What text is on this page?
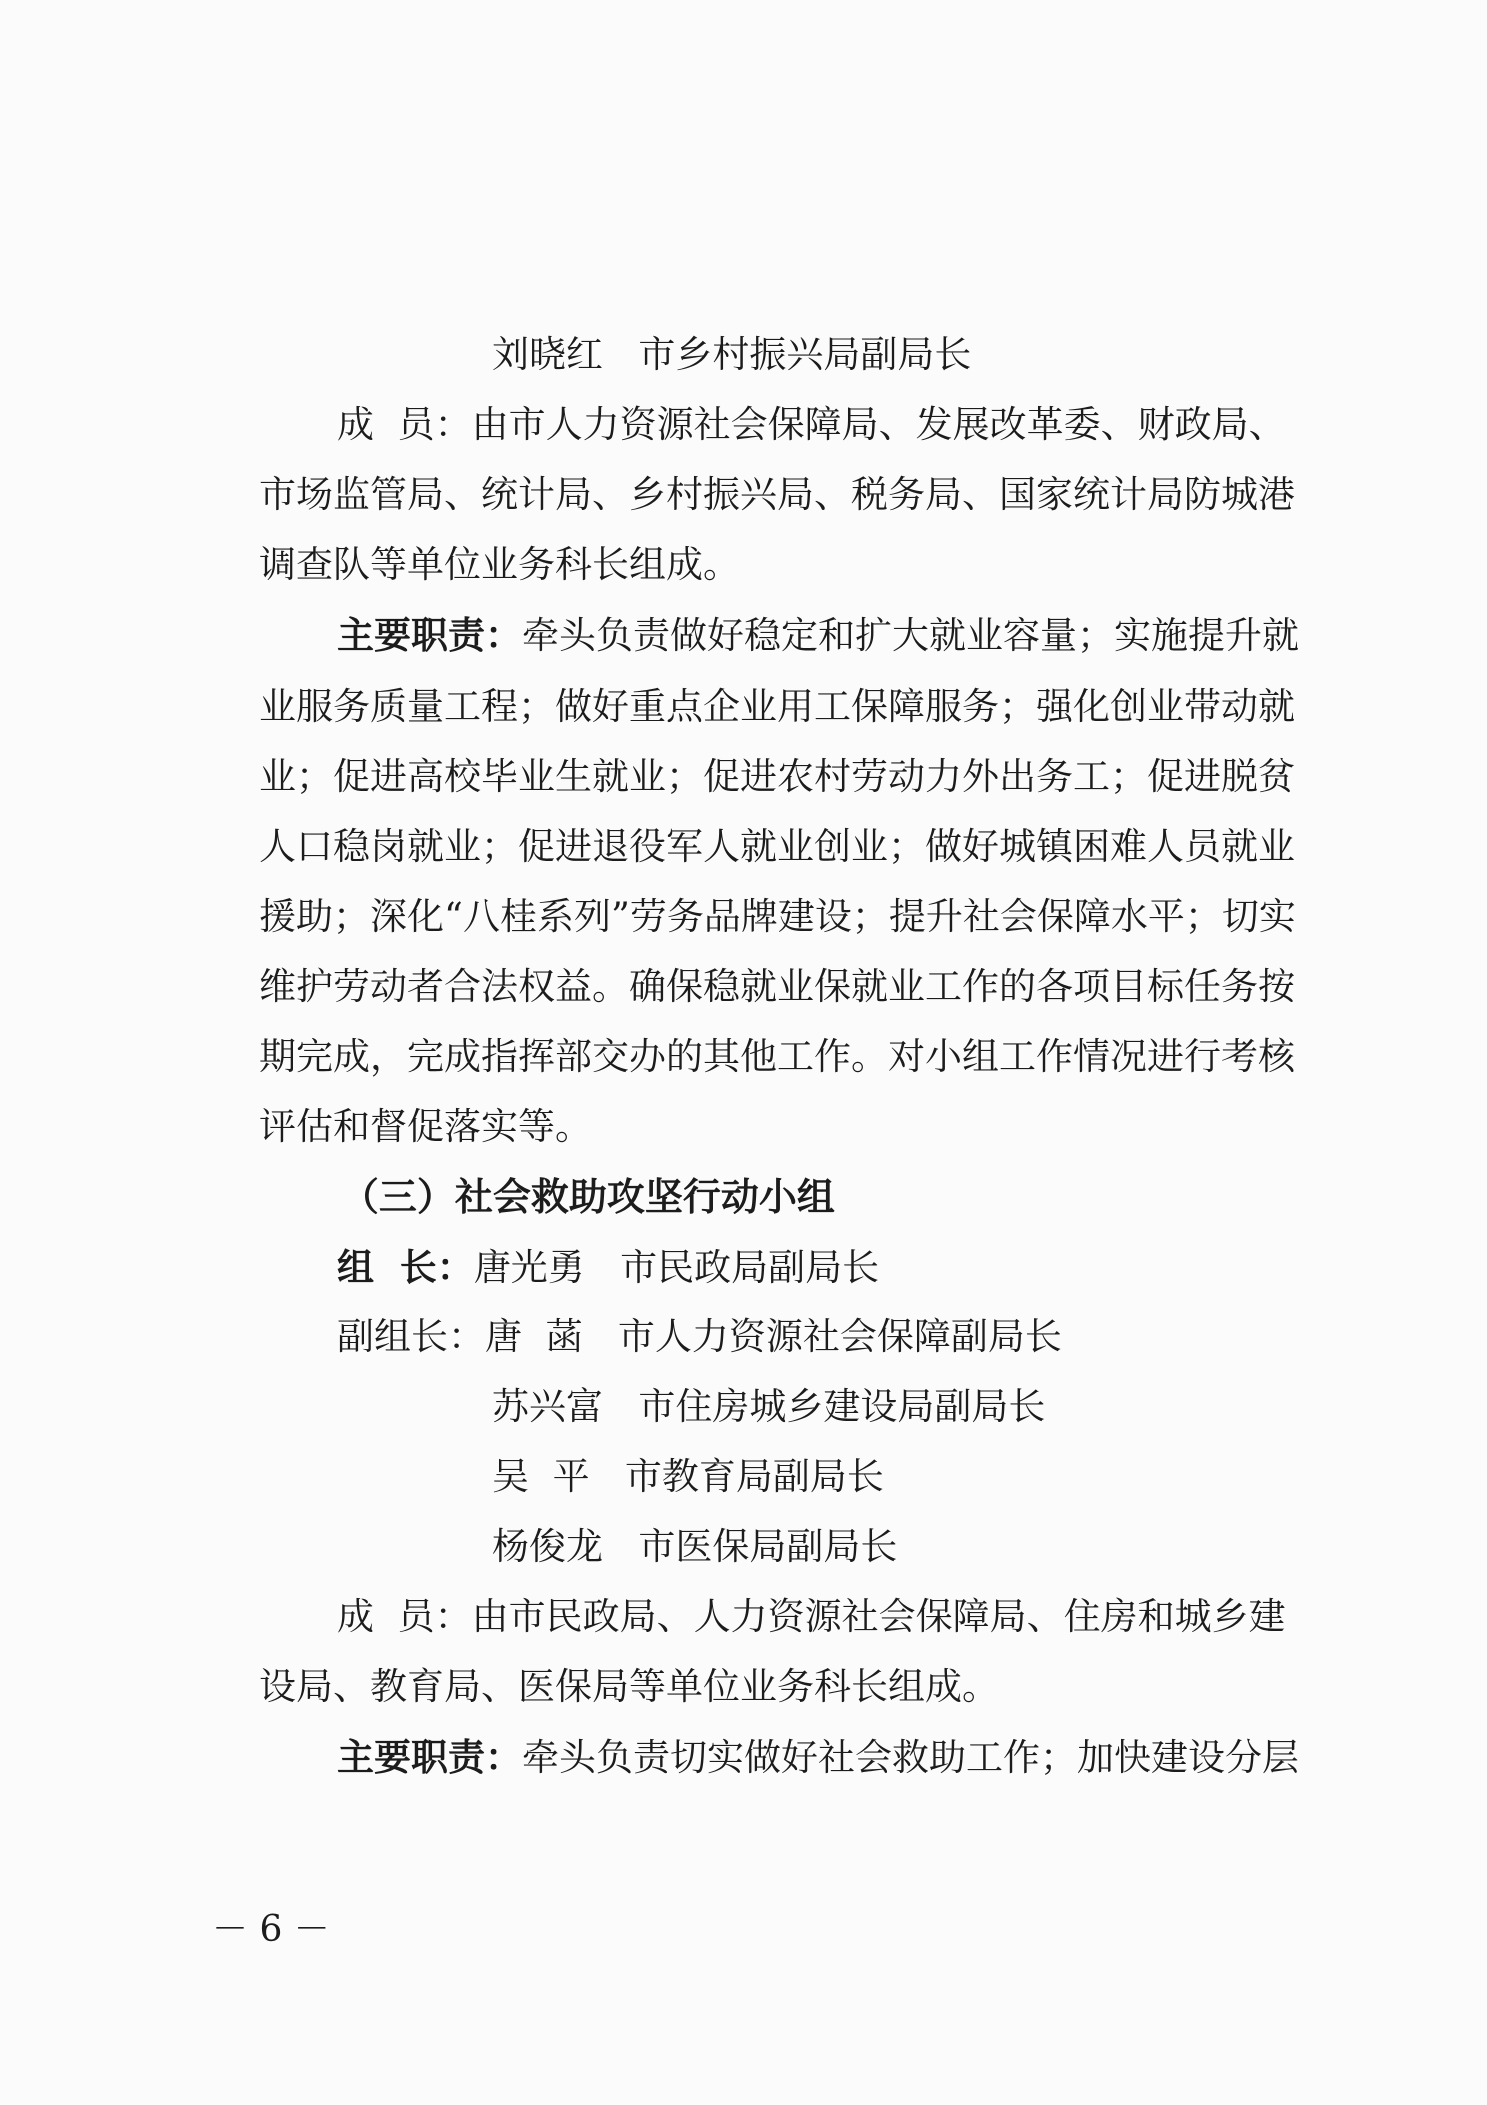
刘晓红   市乡村振兴局副局长

成  员：由市人力资源社会保障局、发展改革委、财政局、

市场监管局、统计局、乡村振兴局、税务局、国家统计局防城港

调查队等单位业务科长组成。

主要职责：牵头负责做好稳定和扩大就业容量；实施提升就

业服务质量工程；做好重点企业用工保障服务；强化创业带动就

业；促进高校毕业生就业；促进农村劳动力外出务工；促进脱贫

人口稳岗就业；促进退役军人就业创业；做好城镇困难人员就业

援助；深化“八桂系列”劳务品牌建设；提升社会保障水平；切实

维护劳动者合法权益。确保稳就业保就业工作的各项目标任务按

期完成，完成指挥部交办的其他工作。对小组工作情况进行考核

评估和督促落实等。

（三）社会救助攻坚行动小组

组  长：唐光勇   市民政局副局长

副组长：唐  菡   市人力资源社会保障副局长

苏兴富   市住房城乡建设局副局长

吴  平   市教育局副局长

杨俊龙   市医保局副局长

成  员：由市民政局、人力资源社会保障局、住房和城乡建

设局、教育局、医保局等单位业务科长组成。

主要职责：牵头负责切实做好社会救助工作；加快建设分层

－ 6 －
